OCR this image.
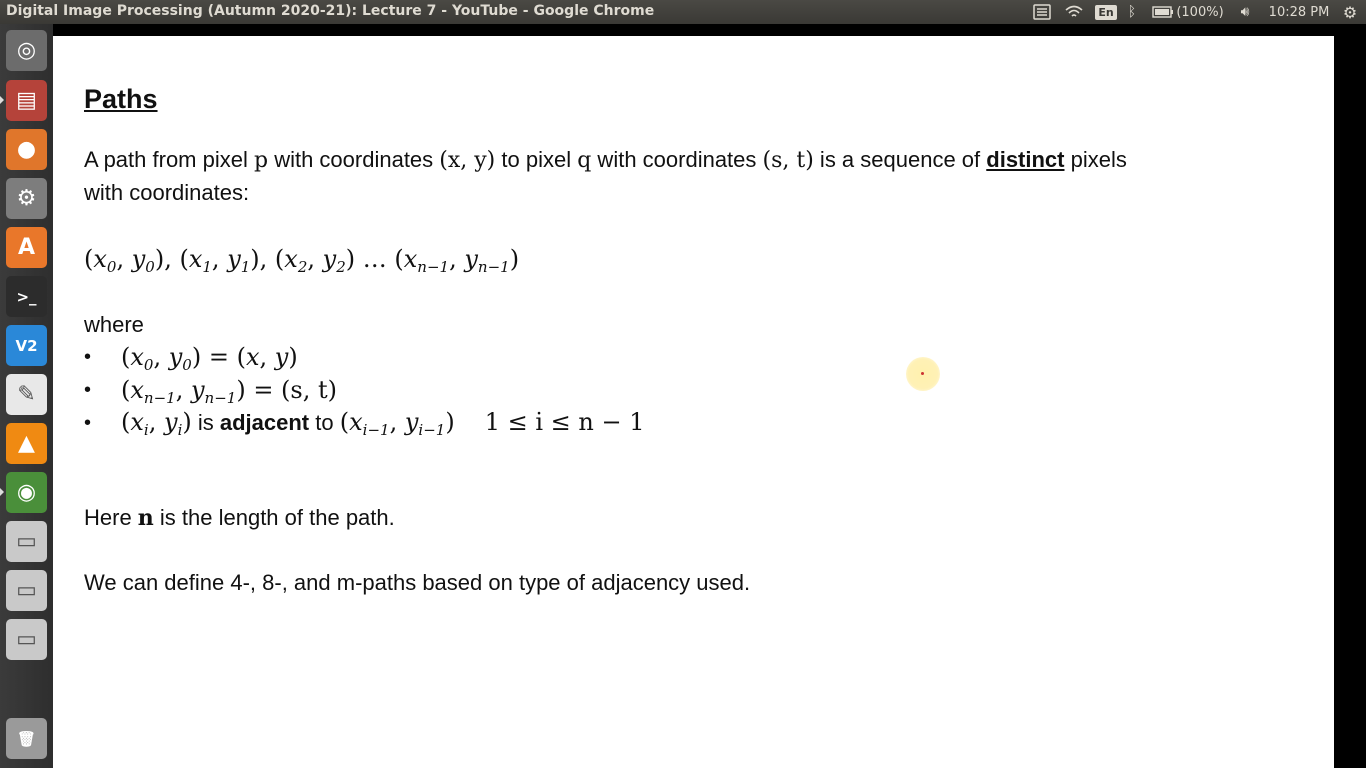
Digital Image Processing (Autumn 2020-21): Lecture 7 - YouTube - Google Chrome	En ᛒ	(100%)	🔊︎	10:28 PM ⚙
◎
▤
●
⚙
A
>_
V2
✎
▲
◉
▭
▭
▭
🗑
Paths
A path from pixel p with coordinates (x, y) to pixel q with coordinates (s, t) is a sequence of distinct pixels
with coordinates:
($x_0$, $y_0$), ($x_1$, $y_1$), ($x_2$, $y_2$) … ($x_{n-1}$, $y_{n-1}$)
where
• ($x_0$, $y_0) = (x$, y)
• ($x_{n-1}$, $y_{n-1}) = (s$, t)
• ($x_i$, $y_i$) is adjacent to ($x_{i-1}$, $y_{i-1}$) 1 ≤ i ≤ n − 1
Here n is the length of the path.
We can define 4-, 8-, and m-paths based on type of adjacency used.
